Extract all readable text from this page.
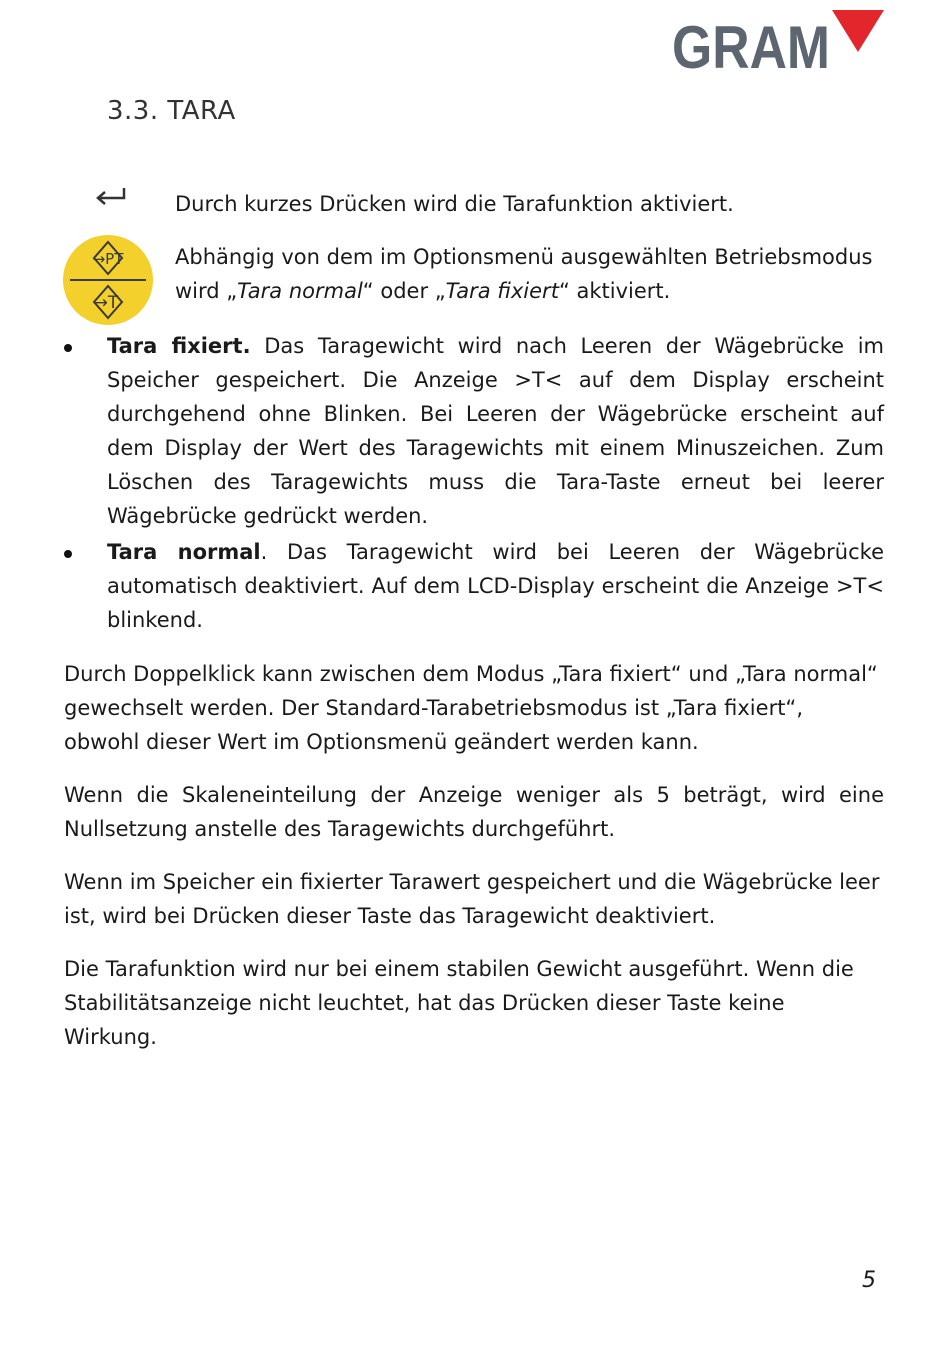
GRAM
3.3. TARA
→PT
→T

Durch kurzes Drücken wird die Tarafunktion aktiviert.

Abhängig von dem im Optionsmenü ausgewählten Betriebsmodus wird „Tara normal“ oder „Tara fixiert“ aktiviert.

Tara fixiert. Das Taragewicht wird nach Leeren der Wägebrücke im Speicher gespeichert. Die Anzeige >T< auf dem Display erscheint durchgehend ohne Blinken. Bei Leeren der Wägebrücke erscheint auf dem Display der Wert des Taragewichts mit einem Minuszeichen. Zum Löschen des Taragewichts muss die Tara-Taste erneut bei leerer Wägebrücke gedrückt werden.
Tara normal. Das Taragewicht wird bei Leeren der Wägebrücke automatisch deaktiviert. Auf dem LCD-Display erscheint die Anzeige >T< blinkend.

Durch Doppelklick kann zwischen dem Modus „Tara fixiert“ und „Tara normal“ gewechselt werden. Der Standard-Tarabetriebsmodus ist „Tara fixiert“, obwohl dieser Wert im Optionsmenü geändert werden kann.

Wenn die Skaleneinteilung der Anzeige weniger als 5 beträgt, wird eine Nullsetzung anstelle des Taragewichts durchgeführt.

Wenn im Speicher ein fixierter Tarawert gespeichert und die Wägebrücke leer ist, wird bei Drücken dieser Taste das Taragewicht deaktiviert.

Die Tarafunktion wird nur bei einem stabilen Gewicht ausgeführt. Wenn die Stabilitätsanzeige nicht leuchtet, hat das Drücken dieser Taste keine Wirkung.

5
